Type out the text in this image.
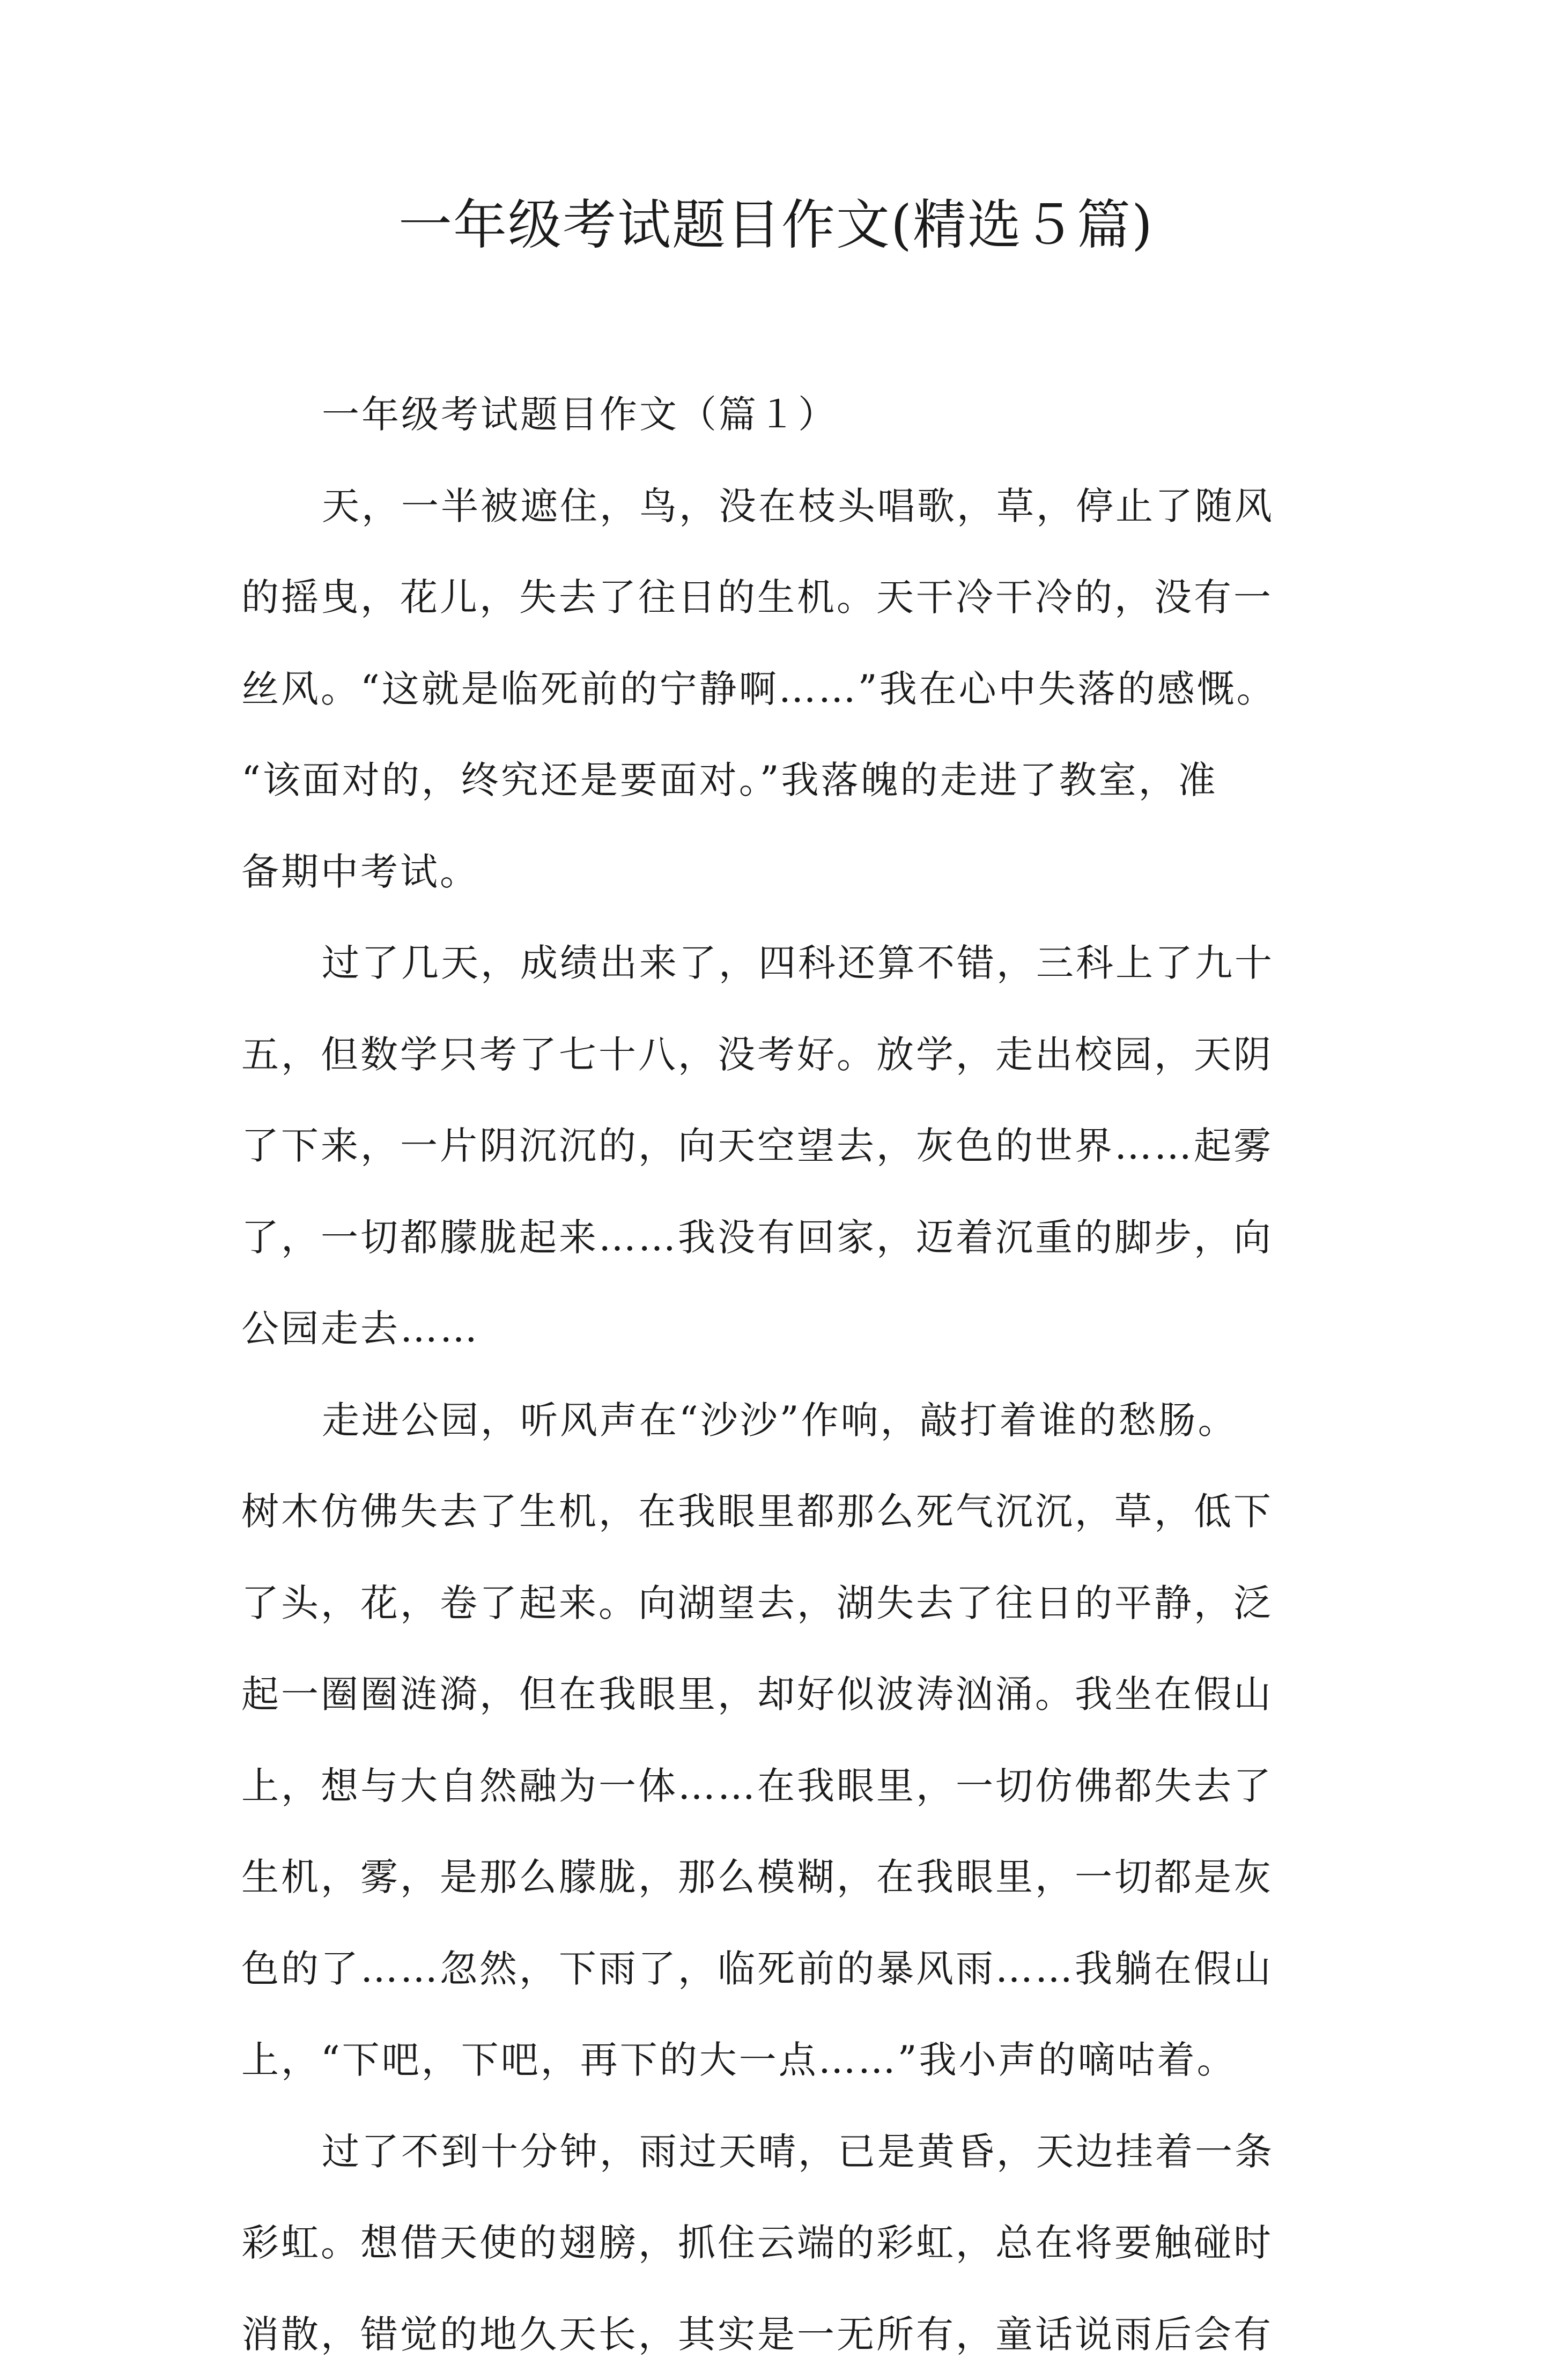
一年级考试题目作文(精选５篇)
一年级考试题目作文（篇１）
天，一半被遮住，鸟，没在枝头唱歌，草，停止了随风
的摇曳，花儿，失去了往日的生机。天干冷干冷的，没有一
丝风。“这就是临死前的宁静啊……”我在心中失落的感慨。
“该面对的，终究还是要面对。”我落魄的走进了教室，准
备期中考试。
过了几天，成绩出来了，四科还算不错，三科上了九十
五，但数学只考了七十八，没考好。放学，走出校园，天阴
了下来，一片阴沉沉的，向天空望去，灰色的世界……起雾
了，一切都朦胧起来……我没有回家，迈着沉重的脚步，向
公园走去……
走进公园，听风声在“沙沙”作响，敲打着谁的愁肠。
树木仿佛失去了生机，在我眼里都那么死气沉沉，草，低下
了头，花，卷了起来。向湖望去，湖失去了往日的平静，泛
起一圈圈涟漪，但在我眼里，却好似波涛汹涌。我坐在假山
上，想与大自然融为一体……在我眼里，一切仿佛都失去了
生机，雾，是那么朦胧，那么模糊，在我眼里，一切都是灰
色的了……忽然，下雨了，临死前的暴风雨……我躺在假山
上，“下吧，下吧，再下的大一点……”我小声的嘀咕着。
过了不到十分钟，雨过天晴，已是黄昏，天边挂着一条
彩虹。想借天使的翅膀，抓住云端的彩虹，总在将要触碰时
消散，错觉的地久天长，其实是一无所有，童话说雨后会有
